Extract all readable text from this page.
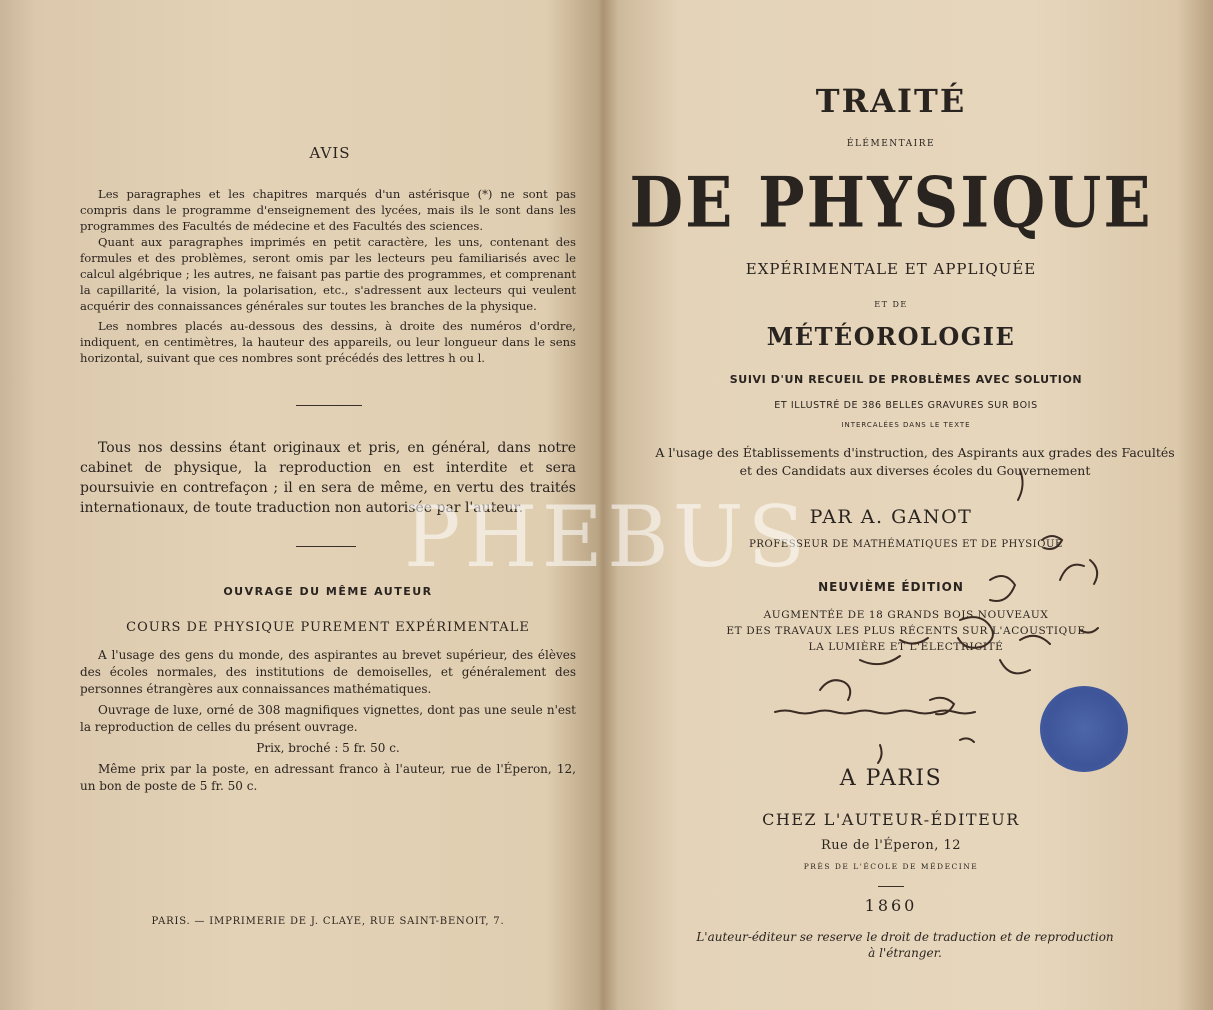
AVIS

Les paragraphes et les chapitres marqués d'un astérisque (*) ne sont pas compris dans le programme d'enseignement des lycées, mais ils le sont dans les programmes des Facultés de médecine et des Facultés des sciences.

Quant aux paragraphes imprimés en petit caractère, les uns, contenant des formules et des problèmes, seront omis par les lecteurs peu familiarisés avec le calcul algébrique ; les autres, ne faisant pas partie des programmes, et comprenant la capillarité, la vision, la polarisation, etc., s'adressent aux lecteurs qui veulent acquérir des connaissances générales sur toutes les branches de la physique.

Les nombres placés au-dessous des dessins, à droite des numéros d'ordre, indiquent, en centimètres, la hauteur des appareils, ou leur longueur dans le sens horizontal, suivant que ces nombres sont précédés des lettres h ou l.

Tous nos dessins étant originaux et pris, en général, dans notre cabinet de physique, la reproduction en est interdite et sera poursuivie en contrefaçon ; il en sera de même, en vertu des traités internationaux, de toute traduction non autorisée par l'auteur.

OUVRAGE DU MÊME AUTEUR
COURS DE PHYSIQUE PUREMENT EXPÉRIMENTALE

A l'usage des gens du monde, des aspirantes au brevet supérieur, des élèves des écoles normales, des institutions de demoiselles, et généralement des personnes étrangères aux connaissances mathématiques.

Ouvrage de luxe, orné de 308 magnifiques vignettes, dont pas une seule n'est la reproduction de celles du présent ouvrage.

Prix, broché : 5 fr. 50 c.

Même prix par la poste, en adressant franco à l'auteur, rue de l'Éperon, 12, un bon de poste de 5 fr. 50 c.

PARIS. — IMPRIMERIE DE J. CLAYE, RUE SAINT-BENOIT, 7.
TRAITÉ
ÉLÉMENTAIRE
DE PHYSIQUE
EXPÉRIMENTALE ET APPLIQUÉE
ET DE
MÉTÉOROLOGIE
SUIVI D'UN RECUEIL DE PROBLÈMES AVEC SOLUTION
ET ILLUSTRÉ DE 386 BELLES GRAVURES SUR BOIS
INTERCALÉES DANS LE TEXTE
A l'usage des Établissements d'instruction, des Aspirants aux grades des Facultés
et des Candidats aux diverses écoles du Gouvernement
PAR A. GANOT
PROFESSEUR DE MATHÉMATIQUES ET DE PHYSIQUE
NEUVIÈME ÉDITION
AUGMENTÉE DE 18 GRANDS BOIS NOUVEAUX
ET DES TRAVAUX LES PLUS RÉCENTS SUR L'ACOUSTIQUE
LA LUMIÈRE ET L'ÉLECTRICITÉ
A PARIS
CHEZ L'AUTEUR-ÉDITEUR
Rue de l'Éperon, 12
PRÈS DE L'ÉCOLE DE MÉDECINE
1860
L'auteur-éditeur se reserve le droit de traduction et de reproduction
à l'étranger.
PHEBUS
